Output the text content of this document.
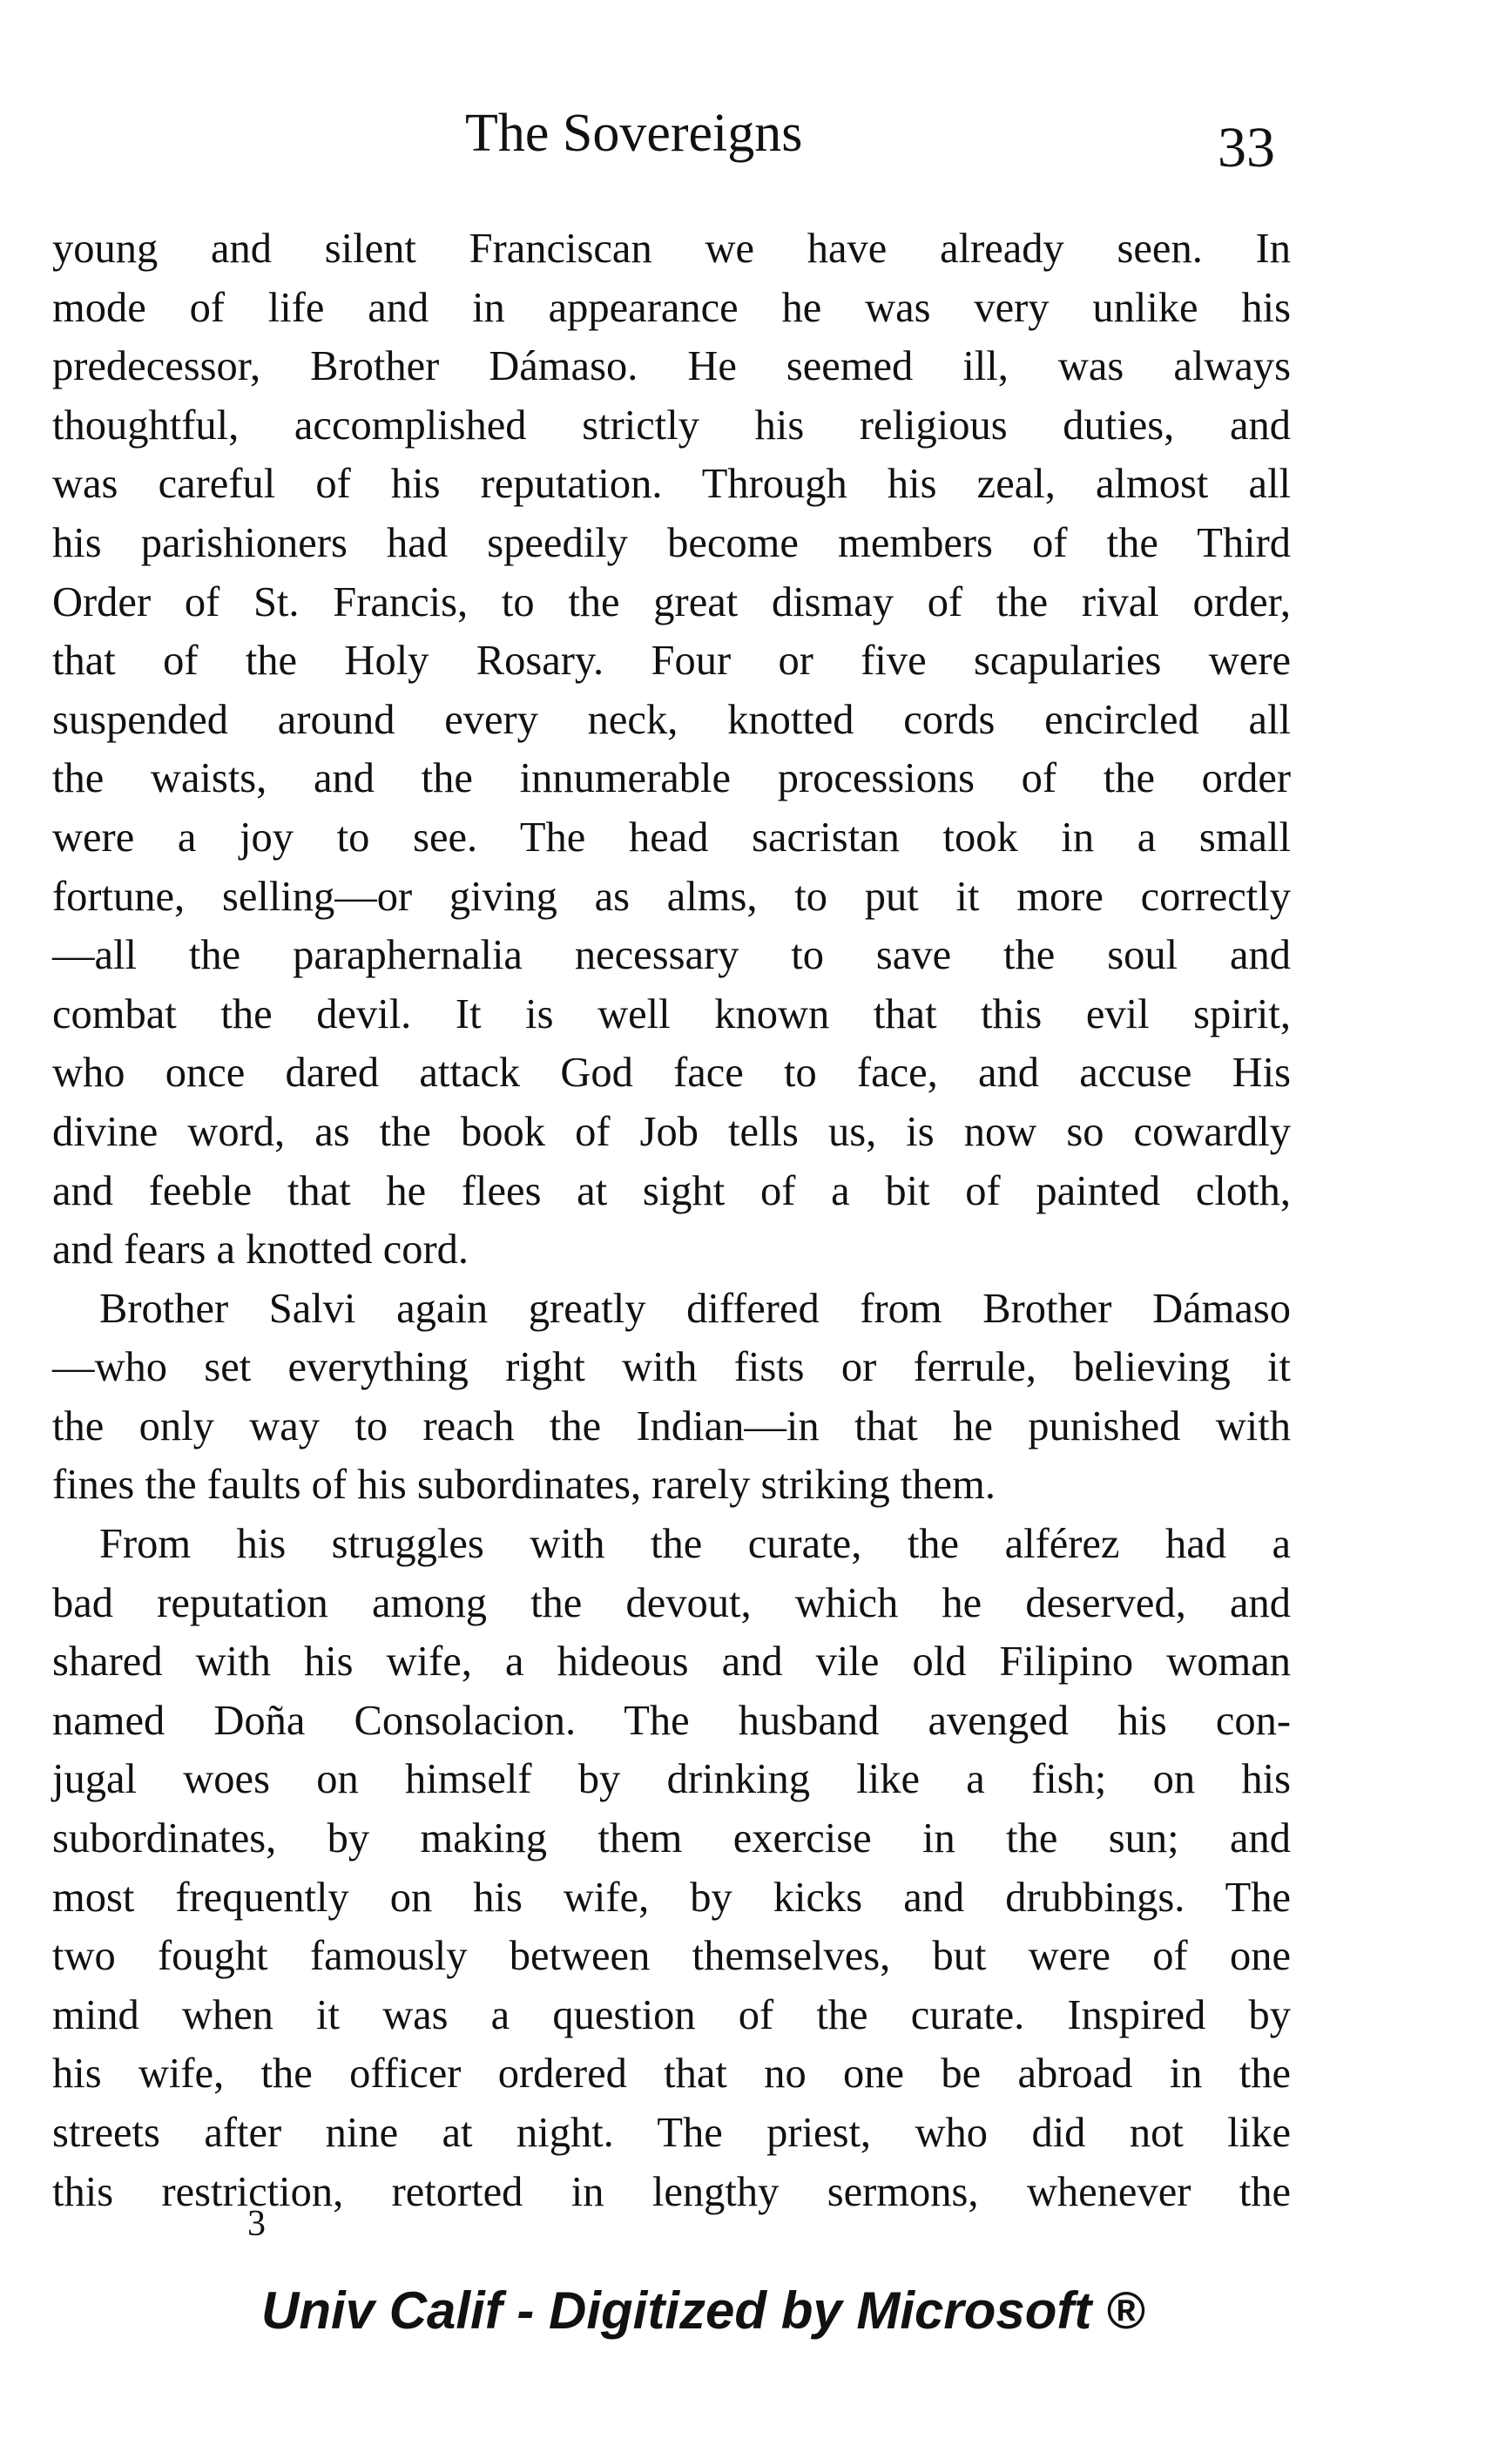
The Sovereigns	33
young and silent Franciscan we have already seen. In
mode of life and in appearance he was very unlike his
predecessor, Brother Dámaso. He seemed ill, was always
thoughtful, accomplished strictly his religious duties, and
was careful of his reputation. Through his zeal, almost all
his parishioners had speedily become members of the Third
Order of St. Francis, to the great dismay of the rival order,
that of the Holy Rosary. Four or five scapularies were
suspended around every neck, knotted cords encircled all
the waists, and the innumerable processions of the order
were a joy to see. The head sacristan took in a small
fortune, selling—or giving as alms, to put it more correctly
—all the paraphernalia necessary to save the soul and
combat the devil. It is well known that this evil spirit,
who once dared attack God face to face, and accuse His
divine word, as the book of Job tells us, is now so cowardly
and feeble that he flees at sight of a bit of painted cloth,
and fears a knotted cord.
Brother Salvi again greatly differed from Brother Dámaso
—who set everything right with fists or ferrule, believing it
the only way to reach the Indian—in that he punished with
fines the faults of his subordinates, rarely striking them.
From his struggles with the curate, the alférez had a
bad reputation among the devout, which he deserved, and
shared with his wife, a hideous and vile old Filipino woman
named Doña Consolacion. The husband avenged his con-
jugal woes on himself by drinking like a fish; on his
subordinates, by making them exercise in the sun; and
most frequently on his wife, by kicks and drubbings. The
two fought famously between themselves, but were of one
mind when it was a question of the curate. Inspired by
his wife, the officer ordered that no one be abroad in the
streets after nine at night. The priest, who did not like
this restriction, retorted in lengthy sermons, whenever the
3
Univ Calif - Digitized by Microsoft ®
